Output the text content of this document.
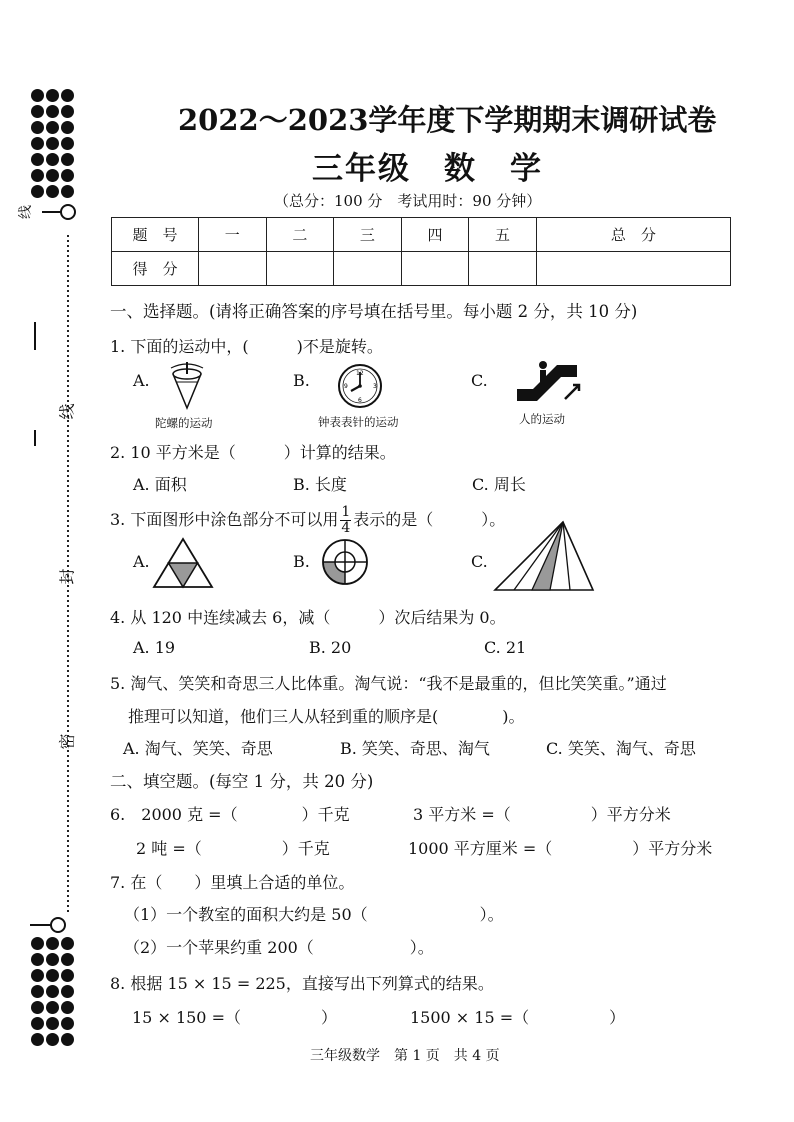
线
封
密
线
2022～2023学年度下学期期末调研试卷
三年级　数　学
（总分：100 分　考试用时：90 分钟）
题　号	一	二	三	四	五	总　分
得　分						
一、选择题。(请将正确答案的序号填在括号里。每小题 2 分，共 10 分)
1. 下面的运动中，(　　　)不是旋转。
A.
陀螺的运动
B.	12
3
6
9
钟表表针的运动
C.
人的运动
2. 10 平方米是（　　　）计算的结果。
A. 面积	B. 长度	C. 周长
3. 下面图形中涂色部分不可以用 $\frac{1}{4}$ 表示的是（　　　）。
A.	B.	C.
4. 从 120 中连续减去 6，减（　　　）次后结果为 0。
A. 19	B. 20	C. 21
5. 淘气、笑笑和奇思三人比体重。淘气说：“我不是最重的，但比笑笑重。”通过
推理可以知道，他们三人从轻到重的顺序是(　　　　)。
A. 淘气、笑笑、奇思	B. 笑笑、奇思、淘气	C. 笑笑、淘气、奇思
二、填空题。(每空 1 分，共 20 分)
6.　2000 克 =（　　　　）千克	3 平方米 =（　　　　　）平方分米
2 吨 =（　　　　　）千克	1000 平方厘米 =（　　　　　）平方分米
7. 在（　　）里填上合适的单位。
（1）一个教室的面积大约是 50（　　　　　　　）。
（2）一个苹果约重 200（　　　　　　）。
8. 根据 15 × 15 = 225，直接写出下列算式的结果。
15 × 150 =（　　　　　）	1500 × 15 =（　　　　　）
三年级数学　第 1 页　共 4 页
